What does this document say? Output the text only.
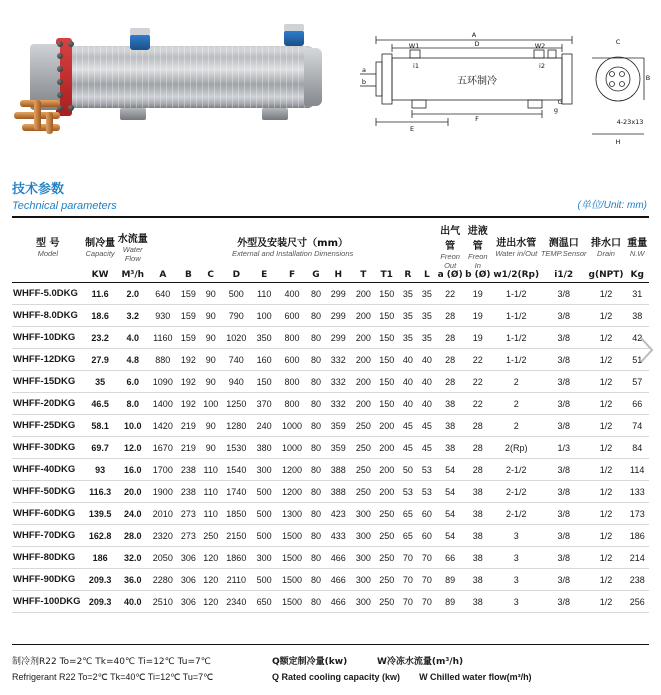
A
D
E
F
C
H
B
W1	W2
i1	i2
a
b
g
G
4-23x13
五环制冷
技术参数
Technical parameters	(单位/Unit: mm)
型 号
Model	制冷量
Capacity	水流量
Water Flow	外型及安装尺寸（mm）
External and Installation Dimensions												出气管
Freon Out	进液管
Freon In	进出水管
Water in/Out	测温口
TEMP.Sensor	排水口
Drain	重量
N.W

	KW	M³/h	A	B	C	D	E	F	G	H	T	T1	R	L	a (Ø)	b (Ø)	w1/2(Rp)	i1/2	g(NPT)	Kg

WHFF-5.0DKG	11.6	2.0	640	159	90	500	110	400	80	299	200	150	35	35	22	19	1-1/2	3/8	1/2	31
WHFF-8.0DKG	18.6	3.2	930	159	90	790	100	600	80	299	200	150	35	35	28	19	1-1/2	3/8	1/2	38
WHFF-10DKG	23.2	4.0	1160	159	90	1020	350	800	80	299	200	150	35	35	28	19	1-1/2	3/8	1/2	42
WHFF-12DKG	27.9	4.8	880	192	90	740	160	600	80	332	200	150	40	40	28	22	1-1/2	3/8	1/2	51
WHFF-15DKG	35	6.0	1090	192	90	940	150	800	80	332	200	150	40	40	28	22	2	3/8	1/2	57
WHFF-20DKG	46.5	8.0	1400	192	100	1250	370	800	80	332	200	150	40	40	38	22	2	3/8	1/2	66
WHFF-25DKG	58.1	10.0	1420	219	90	1280	240	1000	80	359	250	200	45	45	38	28	2	3/8	1/2	74
WHFF-30DKG	69.7	12.0	1670	219	90	1530	380	1000	80	359	250	200	45	45	38	28	2(Rp)	1/3	1/2	84
WHFF-40DKG	93	16.0	1700	238	110	1540	300	1200	80	388	250	200	50	53	54	28	2-1/2	3/8	1/2	114
WHFF-50DKG	116.3	20.0	1900	238	110	1740	500	1200	80	388	250	200	53	53	54	38	2-1/2	3/8	1/2	133
WHFF-60DKG	139.5	24.0	2010	273	110	1850	500	1300	80	423	300	250	65	60	54	38	2-1/2	3/8	1/2	173
WHFF-70DKG	162.8	28.0	2320	273	250	2150	500	1500	80	433	300	250	65	60	54	38	3	3/8	1/2	186
WHFF-80DKG	186	32.0	2050	306	120	1860	300	1500	80	466	300	250	70	70	66	38	3	3/8	1/2	214
WHFF-90DKG	209.3	36.0	2280	306	120	2110	500	1500	80	466	300	250	70	70	89	38	3	3/8	1/2	238
WHFF-100DKG	209.3	40.0	2510	306	120	2340	650	1500	80	466	300	250	70	70	89	38	3	3/8	1/2	256
制冷剂R22 To=2℃ Tk=40℃ Ti=12℃ Tu=7℃	Q额定制冷量(kw)	W冷冻水流量(m³/h)
Refrigerant R22 To=2℃ Tk=40℃ Ti=12℃ Tu=7℃	Q Rated cooling capacity (kw) W Chilled water flow(m³/h)
